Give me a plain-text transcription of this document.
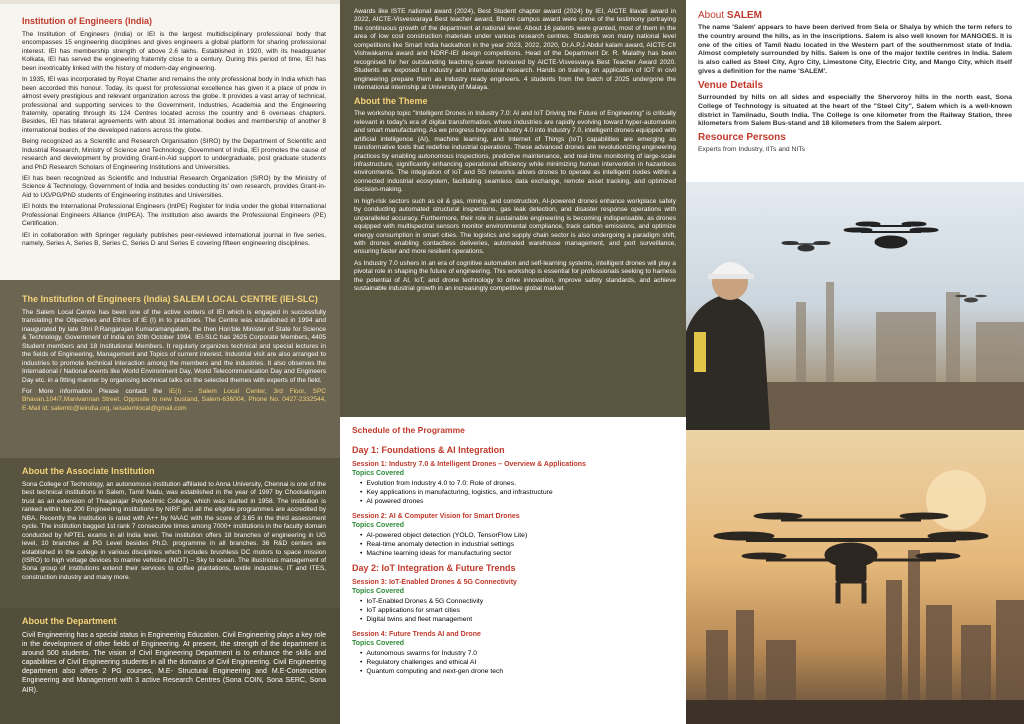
Institution of Engineers (India)

The Institution of Engineers (India) or IEI is the largest multidisciplinary professional body that encompasses 15 engineering disciplines and gives engineers a global platform for sharing professional interest. IEI has membership strength of above 2.6 lakhs. Established in 1920, with its headquarter Kolkata, IEI has served the engineering fraternity close to a century. During this period of time, IEI has been inextricably linked with the history of modern-day engineering.

In 1935, IEI was incorporated by Royal Charter and remains the only professional body in India which has been accorded this honour. Today, its quest for professional excellence has given it a place of pride in almost every prestigious and relevant organization across the globe. It provides a vast array of technical, professional and supporting services to the Government, Industries, Academia and the Engineering fraternity, operating through its 124 Centres located across the country and 6 overseas chapters. Besides, IEI has bilateral agreements with about 31 international bodies and membership of another 8 international bodies of the developed nations across the globe.

Being recognized as a Scientific and Research Organisation (SIRO) by the Department of Scientific and Industrial Research, Ministry of Science and Technology, Government of India, IEI promotes the cause of research and development by providing Grant-in-Aid support to undergraduate, post graduate students and PhD Research Scholars of Engineering Institutions and Universities.

IEI has been recognized as Scientific and Industrial Research Organization (SIRO) by the Ministry of Science & Technology, Government of India and besides conducting its' own research, provides Grant-in-Aid to UG/PG/PhD students of Engineering institutes and Universities.

IEI holds the International Professional Engineers (IntPE) Register for India under the global International Professional Engineers Alliance (IntPEA). The institution also awards the Professional Engineers (PE) Certification.

IEI in collaboration with Springer regularly publishes peer-reviewed international journal in five series, namely, Series A, Series B, Series C, Series D and Series E covering fifteen engineering disciplines.

The Institution of Engineers (India) SALEM LOCAL CENTRE (IEI-SLC)

The Salem Local Centre has been one of the active centers of IEI which is engaged in successfully translating the Objectives and Ethics of IE (I) in to practices. The Centre was established in 1994 and inaugurated by late Shri P.Rangarajan Kumaramangalam, the then Hon'ble Minister of State for Science & Technology, Government of India on 30th October 1994. IEI-SLC has 2625 Corporate Members, 4405 Student members and 18 Institutional Members. It regularly organizes technical and special lectures in the fields of Engineering, Management and Topics of current interest. Industrial visit are also arranged to industries to promote technical interaction among the members and the industries. It also observes the International / National events like World Environment Day, World Telecommunication Day and Engineers Day etc. in a fitting manner by organising technical talks on the selected themes with experts of the field.

For More information Please contact the IE(I) – Salem Local Center, 3rd Floor, SPC Bhavan,104/7,Manivannan Street, Opposite to new bustand, Salem-636004, Phone No. 0427-2332544, E-Mail id: salemlc@ieindia.org, ieisalemlocal@gmail.com

About the Associate Institution

Sona College of Technology, an autonomous institution affiliated to Anna University, Chennai is one of the best technical institutions in Salem, Tamil Nadu, was established in the year of 1997 by Chockalingam trust as an extension of Thiagarajar Polytechnic College, which was started in 1958. The institution is ranked within top 200 Engineering institutions by NIRF and all the eligible programmes are accredited by NBA. Recently the institution is rated with A++ by NAAC with the score of 3.65 in the third assessment cycle. The institution bagged 1st rank 7 consecutive times among 7000+ institutions in the faculty domain conducted by NPTEL exams in all India level. The institution offers 18 branches of engineering in UG level, 10 branches at PG Level besides Ph.D. programme in all branches. 36 R&D centers are established in the college in various disciplines which includes brushless DC motors to space mission (ISRO) to high voltage devices to marine vehicles (NIOT) – Sky to ocean. The illustrious management of Sona group of institutions extend their services to coffee plantations, textile industries, IT and ITES, construction industry and many more.

About the Department

Civil Engineering has a special status in Engineering Education. Civil Engineering plays a key role in the development of other fields of Engineering. At present, the strength of the department is around 500 students. The vision of Civil Engineering Department is to enhance the skills and capabilities of Civil Engineering students in all the domains of Civil Engineering. Civil Engineering department also offers 2 PG courses, M.E- Structural Engineering and M.E-Construction Engineering and Management with 3 active Research Centres (Sona COIN, Sona SERC, Sona AIR).

Awards like ISTE national award (2024), Best Student chapter award (2024) by IEI, AICTE lilavati award in 2022, AICTE-Visvesvaraya Best teacher award, Bhumi campus award were some of the testimony portraying the continuous growth of the department at national level. About 16 patents were granted, most of them in the area of low cost construction materials under various research centres. Students won many national level competitions like Smart India hackathon in the year 2023, 2022, 2020, Dr.A.P.J.Abdul kalam award, AICTE-CII Vishwakarma award and NDRF-IEI design competitions. Head of the Department Dr. R. Malathy has been recognised for her outstanding teaching career honoured by AICTE-Visvesvarya Best Teacher Award 2020. Students are exposed to industry and international research. Hands on training on application of IOT in civil engineering prepare them as industry ready engineers. 4 students from the batch of 2025 undergone the international internship at University of Malaya.

About the Theme

The workshop topic "Intelligent Drones in Industry 7.0: AI and IoT Driving the Future of Engineering" is critically relevant in today's era of digital transformation, where industries are rapidly evolving toward hyper-automation and smart manufacturing. As we progress beyond Industry 4.0 into Industry 7.0, intelligent drones equipped with artificial intelligence (AI), machine learning, and Internet of Things (IoT) capabilities are emerging as transformative tools that redefine industrial operations. These advanced drones are revolutionizing engineering practices by enabling autonomous inspections, predictive maintenance, and real-time monitoring of large-scale infrastructure, significantly enhancing operational efficiency while minimizing human intervention in hazardous environments. The integration of IoT and 5G networks allows drones to operate as intelligent nodes within a connected industrial ecosystem, facilitating seamless data exchange, remote asset tracking, and optimized decision-making.

In high-risk sectors such as oil & gas, mining, and construction, AI-powered drones enhance workplace safety by conducting automated structural inspections, gas leak detection, and disaster response operations with unparalleled accuracy. Furthermore, their role in sustainable engineering is becoming indispensable, as drones equipped with multispectral sensors monitor environmental compliance, track carbon emissions, and optimize energy consumption in smart cities. The logistics and supply chain sector is also undergoing a paradigm shift, with drones enabling contactless deliveries, automated warehouse management, and port surveillance, ensuring faster and more resilient operations.

As Industry 7.0 ushers in an era of cognitive automation and self-learning systems, intelligent drones will play a pivotal role in shaping the future of engineering. This workshop is essential for professionals seeking to harness the potential of AI, IoT, and drone technology to drive innovation, improve safety standards, and achieve sustainable industrial growth in an increasingly competitive global market

Schedule of the Programme
Day 1: Foundations & AI Integration
Session 1: Industry 7.0 & Intelligent Drones – Overview & Applications
Topics Covered
• Evolution from Industry 4.0 to 7.0: Role of drones.
• Key applications in manufacturing, logistics, and infrastructure
• AI powered drones
Session 2: AI & Computer Vision for Smart Drones
Topics Covered
• AI-powered object detection (YOLO, TensorFlow Lite)
• Real-time anomaly detection in industrial settings
• Machine learning ideas for manufacturing sector
Day 2: IoT Integration & Future Trends
Session 3: IoT-Enabled Drones & 5G Connectivity
Topics Covered
• IoT-Enabled Drones & 5G Connectivity
• IoT applications for smart cities
• Digital twins and fleet management
Session 4: Future Trends AI and Drone
Topics Covered
• Autonomous swarms for Industry 7.0
• Regulatory challenges and ethical AI
• Quantum computing and next-gen drone tech
About SALEM

The name 'Salem' appears to have been derived from Sela or Shalya by which the term refers to the country around the hills, as in the inscriptions. Salem is also well known for MANGOES. It is one of the cities of Tamil Nadu located in the Western part of the southernmost state of India. Almost completely surrounded by hills. Salem is one of the major textile centres in India. Salem is also called as Steel City, Agro City, Limestone City, Electric City, and Mango City, which itself gives a definition for the name 'SALEM'.

Venue Details

Surrounded by hills on all sides and especially the Shervoroy hills in the north east, Sona College of Technology is situated at the heart of the "Steel City", Salem which is a well-known district in Tamilnadu, South India. The College is one kilometer from the Railway Station, three kilometers from Salem Bus-stand and 18 kilometers from the Salem airport.

Resource Persons

Experts from Industry, IITs and NITs
